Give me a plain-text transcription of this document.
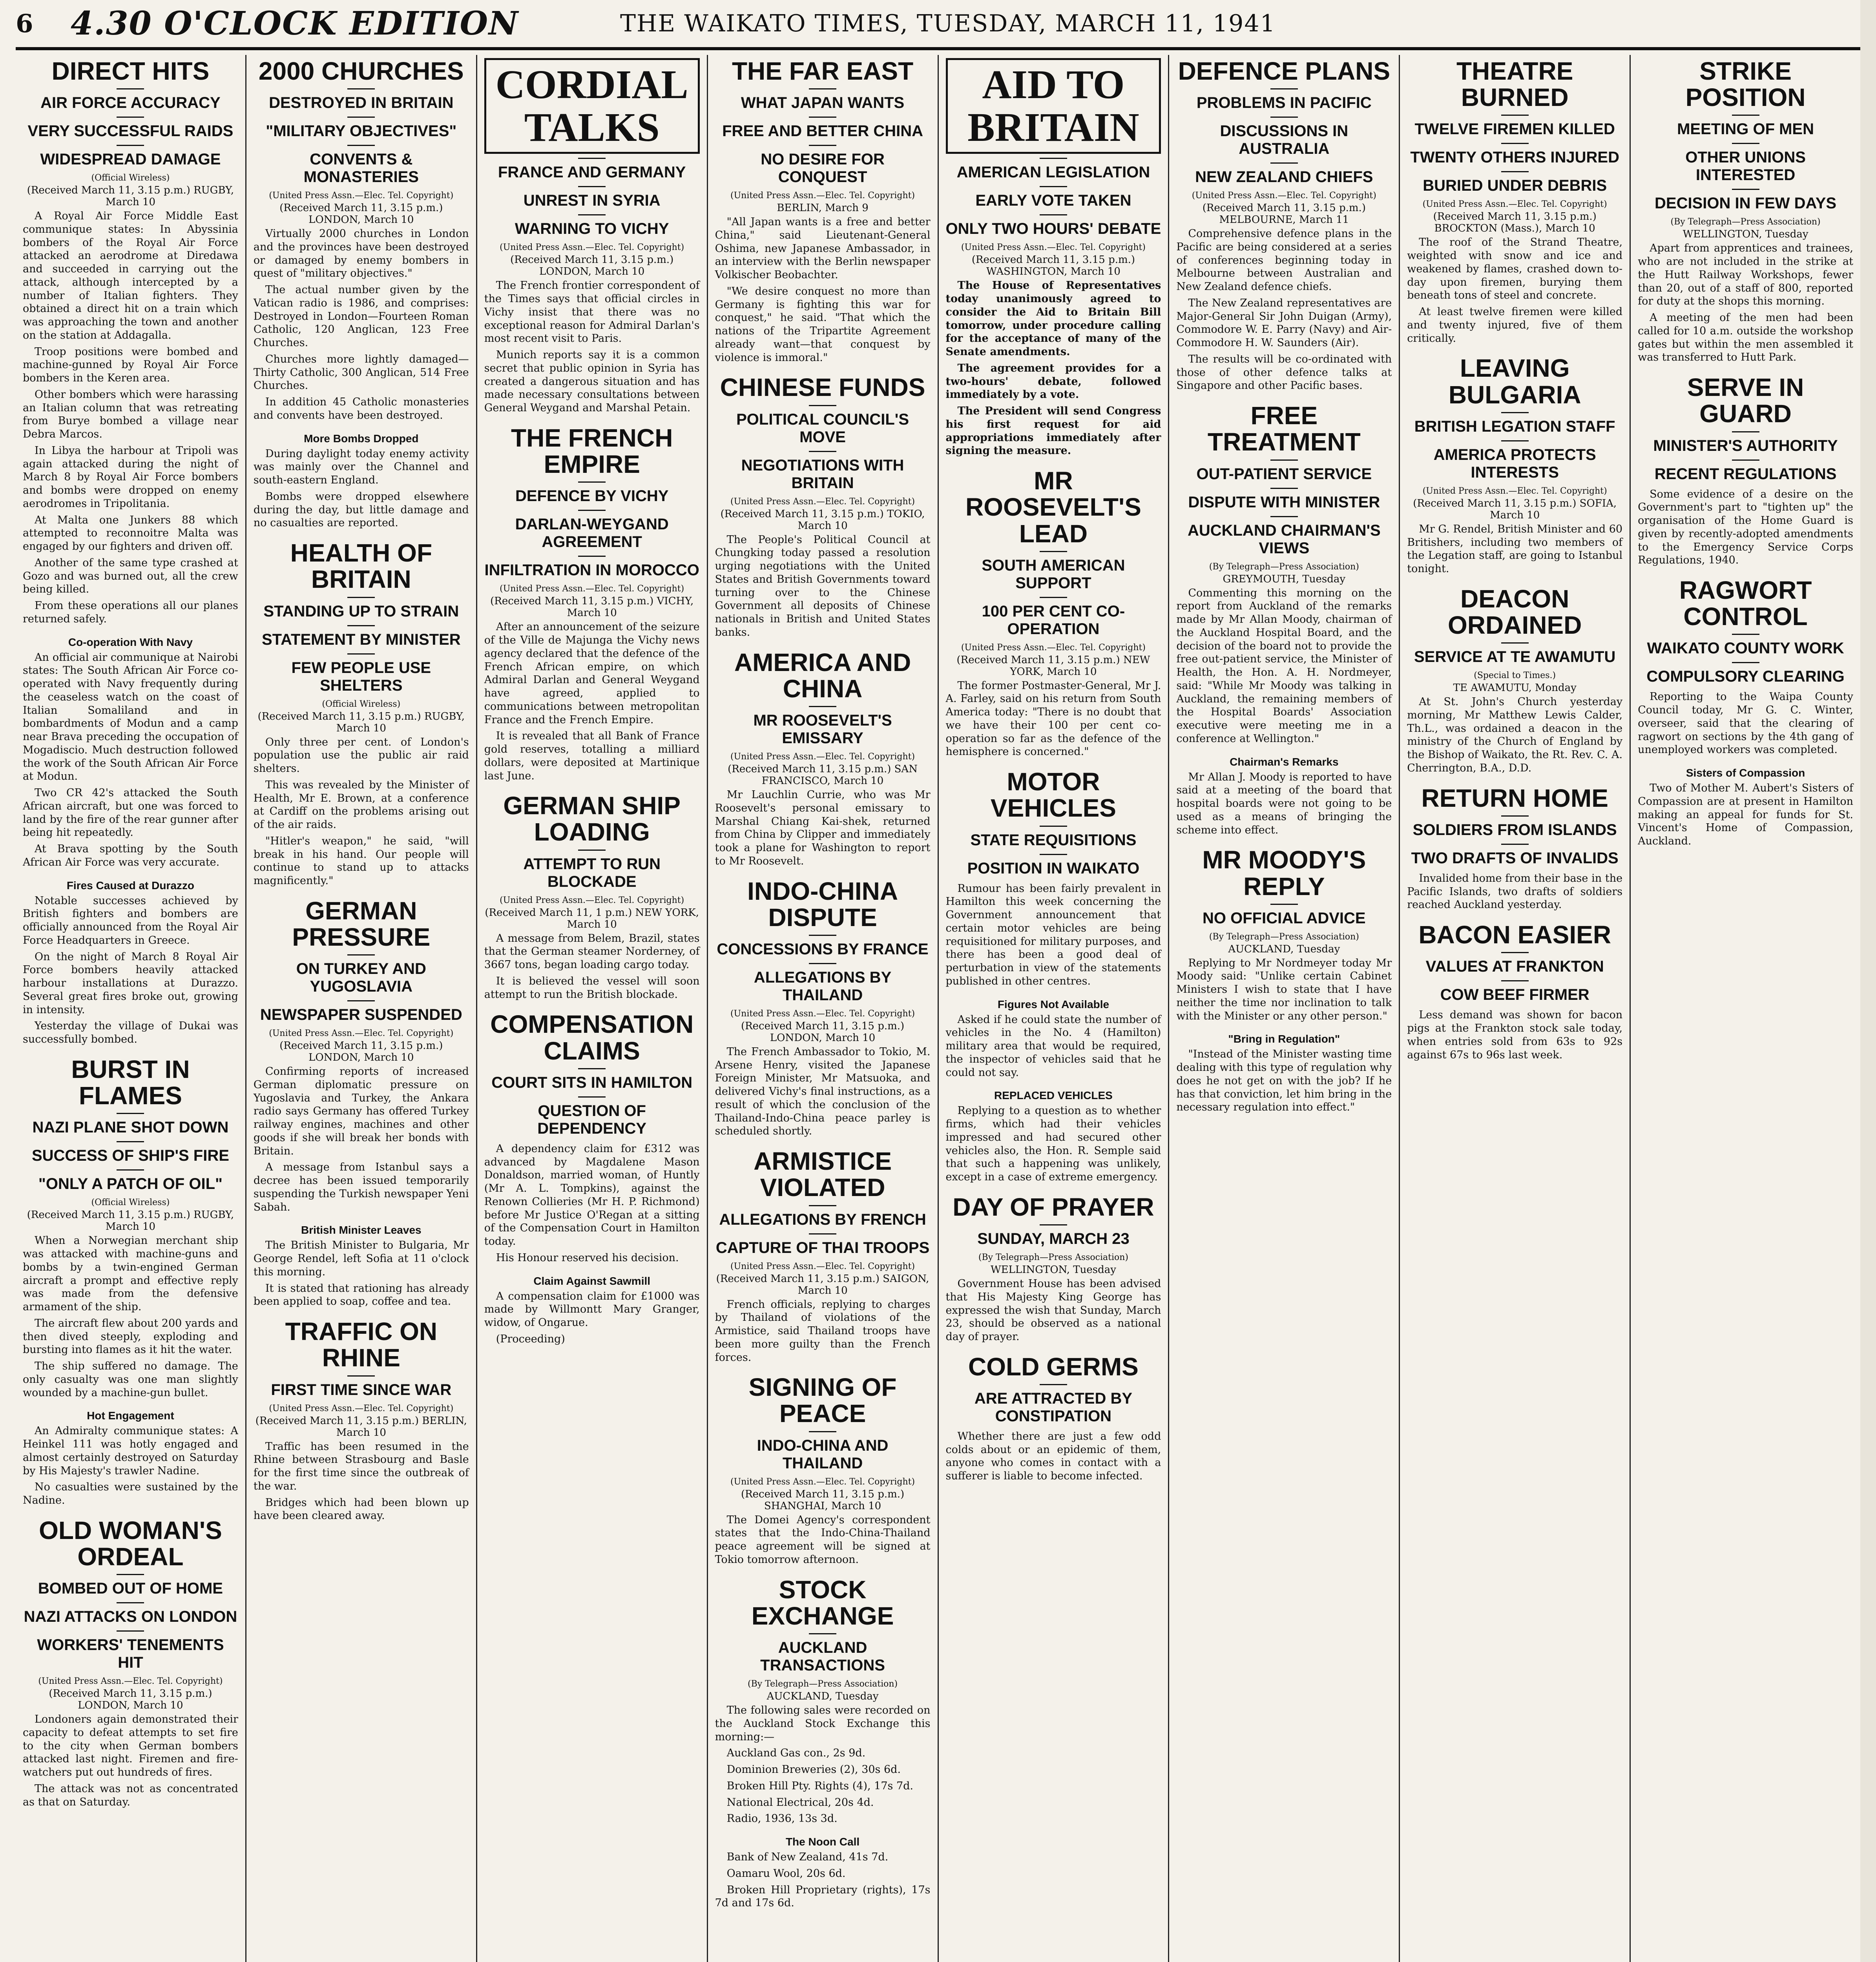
6	4.30 O'CLOCK EDITION	THE WAIKATO TIMES, TUESDAY, MARCH 11, 1941
DIRECT HITS
AIR FORCE ACCURACY
VERY SUCCESSFUL RAIDS
WIDESPREAD DAMAGE
(Official Wireless)
(Received March 11, 3.15 p.m.) RUGBY, March 10

A Royal Air Force Middle East communique states: In Abyssinia bombers of the Royal Air Force attacked an aerodrome at Diredawa and succeeded in carrying out the attack, although intercepted by a number of Italian fighters. They obtained a direct hit on a train which was approaching the town and another on the station at Addagalla.

Troop positions were bombed and machine-gunned by Royal Air Force bombers in the Keren area.

Other bombers which were harassing an Italian column that was retreating from Burye bombed a village near Debra Marcos.

In Libya the harbour at Tripoli was again attacked during the night of March 8 by Royal Air Force bombers and bombs were dropped on enemy aerodromes in Tripolitania.

At Malta one Junkers 88 which attempted to reconnoitre Malta was engaged by our fighters and driven off.

Another of the same type crashed at Gozo and was burned out, all the crew being killed.

From these operations all our planes returned safely.

Co-operation With Navy

An official air communique at Nairobi states: The South African Air Force co-operated with Navy frequently during the ceaseless watch on the coast of Italian Somaliland and in bombardments of Modun and a camp near Brava preceding the occupation of Mogadiscio. Much destruction followed the work of the South African Air Force at Modun.

Two CR 42's attacked the South African aircraft, but one was forced to land by the fire of the rear gunner after being hit repeatedly.

At Brava spotting by the South African Air Force was very accurate.

Fires Caused at Durazzo

Notable successes achieved by British fighters and bombers are officially announced from the Royal Air Force Headquarters in Greece.

On the night of March 8 Royal Air Force bombers heavily attacked harbour installations at Durazzo. Several great fires broke out, growing in intensity.

Yesterday the village of Dukai was successfully bombed.

BURST IN FLAMES
NAZI PLANE SHOT DOWN
SUCCESS OF SHIP'S FIRE
"ONLY A PATCH OF OIL"
(Official Wireless)
(Received March 11, 3.15 p.m.) RUGBY, March 10

When a Norwegian merchant ship was attacked with machine-guns and bombs by a twin-engined German aircraft a prompt and effective reply was made from the defensive armament of the ship.

The aircraft flew about 200 yards and then dived steeply, exploding and bursting into flames as it hit the water.

The ship suffered no damage. The only casualty was one man slightly wounded by a machine-gun bullet.

Hot Engagement

An Admiralty communique states: A Heinkel 111 was hotly engaged and almost certainly destroyed on Saturday by His Majesty's trawler Nadine.

No casualties were sustained by the Nadine.

OLD WOMAN'S ORDEAL
BOMBED OUT OF HOME
NAZI ATTACKS ON LONDON
WORKERS' TENEMENTS HIT
(United Press Assn.—Elec. Tel. Copyright)
(Received March 11, 3.15 p.m.) LONDON, March 10

Londoners again demonstrated their capacity to defeat attempts to set fire to the city when German bombers attacked last night. Firemen and fire-watchers put out hundreds of fires.

The attack was not as concentrated as that on Saturday.

2000 CHURCHES
DESTROYED IN BRITAIN
"MILITARY OBJECTIVES"
CONVENTS & MONASTERIES
(United Press Assn.—Elec. Tel. Copyright)
(Received March 11, 3.15 p.m.) LONDON, March 10

Virtually 2000 churches in London and the provinces have been destroyed or damaged by enemy bombers in quest of "military objectives."

The actual number given by the Vatican radio is 1986, and comprises: Destroyed in London—Fourteen Roman Catholic, 120 Anglican, 123 Free Churches.

Churches more lightly damaged—Thirty Catholic, 300 Anglican, 514 Free Churches.

In addition 45 Catholic monasteries and convents have been destroyed.

More Bombs Dropped

During daylight today enemy activity was mainly over the Channel and south-eastern England.

Bombs were dropped elsewhere during the day, but little damage and no casualties are reported.

HEALTH OF BRITAIN
STANDING UP TO STRAIN
STATEMENT BY MINISTER
FEW PEOPLE USE SHELTERS
(Official Wireless)
(Received March 11, 3.15 p.m.) RUGBY, March 10

Only three per cent. of London's population use the public air raid shelters.

This was revealed by the Minister of Health, Mr E. Brown, at a conference at Cardiff on the problems arising out of the air raids.

"Hitler's weapon," he said, "will break in his hand. Our people will continue to stand up to attacks magnificently."

GERMAN PRESSURE
ON TURKEY AND YUGOSLAVIA
NEWSPAPER SUSPENDED
(United Press Assn.—Elec. Tel. Copyright)
(Received March 11, 3.15 p.m.) LONDON, March 10

Confirming reports of increased German diplomatic pressure on Yugoslavia and Turkey, the Ankara radio says Germany has offered Turkey railway engines, machines and other goods if she will break her bonds with Britain.

A message from Istanbul says a decree has been issued temporarily suspending the Turkish newspaper Yeni Sabah.

British Minister Leaves

The British Minister to Bulgaria, Mr George Rendel, left Sofia at 11 o'clock this morning.

It is stated that rationing has already been applied to soap, coffee and tea.

TRAFFIC ON RHINE
FIRST TIME SINCE WAR
(United Press Assn.—Elec. Tel. Copyright)
(Received March 11, 3.15 p.m.) BERLIN, March 10

Traffic has been resumed in the Rhine between Strasbourg and Basle for the first time since the outbreak of the war.

Bridges which had been blown up have been cleared away.

CORDIAL TALKS
FRANCE AND GERMANY
UNREST IN SYRIA
WARNING TO VICHY
(United Press Assn.—Elec. Tel. Copyright)
(Received March 11, 3.15 p.m.) LONDON, March 10

The French frontier correspondent of the Times says that official circles in Vichy insist that there was no exceptional reason for Admiral Darlan's most recent visit to Paris.

Munich reports say it is a common secret that public opinion in Syria has created a dangerous situation and has made necessary consultations between General Weygand and Marshal Petain.

THE FRENCH EMPIRE
DEFENCE BY VICHY
DARLAN-WEYGAND AGREEMENT
INFILTRATION IN MOROCCO
(United Press Assn.—Elec. Tel. Copyright)
(Received March 11, 3.15 p.m.) VICHY, March 10

After an announcement of the seizure of the Ville de Majunga the Vichy news agency declared that the defence of the French African empire, on which Admiral Darlan and General Weygand have agreed, applied to communications between metropolitan France and the French Empire.

It is revealed that all Bank of France gold reserves, totalling a milliard dollars, were deposited at Martinique last June.

GERMAN SHIP LOADING
ATTEMPT TO RUN BLOCKADE
(United Press Assn.—Elec. Tel. Copyright)
(Received March 11, 1 p.m.) NEW YORK, March 10

A message from Belem, Brazil, states that the German steamer Norderney, of 3667 tons, began loading cargo today.

It is believed the vessel will soon attempt to run the British blockade.

COMPENSATION CLAIMS
COURT SITS IN HAMILTON
QUESTION OF DEPENDENCY

A dependency claim for £312 was advanced by Magdalene Mason Donaldson, married woman, of Huntly (Mr A. L. Tompkins), against the Renown Collieries (Mr H. P. Richmond) before Mr Justice O'Regan at a sitting of the Compensation Court in Hamilton today.

His Honour reserved his decision.

Claim Against Sawmill

A compensation claim for £1000 was made by Willmontt Mary Granger, widow, of Ongarue.

(Proceeding)

THE FAR EAST
WHAT JAPAN WANTS
FREE AND BETTER CHINA
NO DESIRE FOR CONQUEST
(United Press Assn.—Elec. Tel. Copyright)
BERLIN, March 9

"All Japan wants is a free and better China," said Lieutenant-General Oshima, new Japanese Ambassador, in an interview with the Berlin newspaper Volkischer Beobachter.

"We desire conquest no more than Germany is fighting this war for conquest," he said. "That which the nations of the Tripartite Agreement already want—that conquest by violence is immoral."

CHINESE FUNDS
POLITICAL COUNCIL'S MOVE
NEGOTIATIONS WITH BRITAIN
(United Press Assn.—Elec. Tel. Copyright)
(Received March 11, 3.15 p.m.) TOKIO, March 10

The People's Political Council at Chungking today passed a resolution urging negotiations with the United States and British Governments toward turning over to the Chinese Government all deposits of Chinese nationals in British and United States banks.

AMERICA AND CHINA
MR ROOSEVELT'S EMISSARY
(United Press Assn.—Elec. Tel. Copyright)
(Received March 11, 3.15 p.m.) SAN FRANCISCO, March 10

Mr Lauchlin Currie, who was Mr Roosevelt's personal emissary to Marshal Chiang Kai-shek, returned from China by Clipper and immediately took a plane for Washington to report to Mr Roosevelt.

INDO-CHINA DISPUTE
CONCESSIONS BY FRANCE
ALLEGATIONS BY THAILAND
(United Press Assn.—Elec. Tel. Copyright)
(Received March 11, 3.15 p.m.) LONDON, March 10

The French Ambassador to Tokio, M. Arsene Henry, visited the Japanese Foreign Minister, Mr Matsuoka, and delivered Vichy's final instructions, as a result of which the conclusion of the Thailand-Indo-China peace parley is scheduled shortly.

ARMISTICE VIOLATED
ALLEGATIONS BY FRENCH
CAPTURE OF THAI TROOPS
(United Press Assn.—Elec. Tel. Copyright)
(Received March 11, 3.15 p.m.) SAIGON, March 10

French officials, replying to charges by Thailand of violations of the Armistice, said Thailand troops have been more guilty than the French forces.

SIGNING OF PEACE
INDO-CHINA AND THAILAND
(United Press Assn.—Elec. Tel. Copyright)
(Received March 11, 3.15 p.m.) SHANGHAI, March 10

The Domei Agency's correspondent states that the Indo-China-Thailand peace agreement will be signed at Tokio tomorrow afternoon.

STOCK EXCHANGE
AUCKLAND TRANSACTIONS
(By Telegraph—Press Association)
AUCKLAND, Tuesday

The following sales were recorded on the Auckland Stock Exchange this morning:—

Auckland Gas con., 2s 9d.

Dominion Breweries (2), 30s 6d.

Broken Hill Pty. Rights (4), 17s 7d.

National Electrical, 20s 4d.

Radio, 1936, 13s 3d.

The Noon Call

Bank of New Zealand, 41s 7d.

Oamaru Wool, 20s 6d.

Broken Hill Proprietary (rights), 17s 7d and 17s 6d.

AID TO BRITAIN
AMERICAN LEGISLATION
EARLY VOTE TAKEN
ONLY TWO HOURS' DEBATE
(United Press Assn.—Elec. Tel. Copyright)
(Received March 11, 3.15 p.m.) WASHINGTON, March 10

The House of Representatives today unanimously agreed to consider the Aid to Britain Bill tomorrow, under procedure calling for the acceptance of many of the Senate amendments.

The agreement provides for a two-hours' debate, followed immediately by a vote.

The President will send Congress his first request for aid appropriations immediately after signing the measure.

MR ROOSEVELT'S LEAD
SOUTH AMERICAN SUPPORT
100 PER CENT CO-OPERATION
(United Press Assn.—Elec. Tel. Copyright)
(Received March 11, 3.15 p.m.) NEW YORK, March 10

The former Postmaster-General, Mr J. A. Farley, said on his return from South America today: "There is no doubt that we have their 100 per cent co-operation so far as the defence of the hemisphere is concerned."

MOTOR VEHICLES
STATE REQUISITIONS
POSITION IN WAIKATO

Rumour has been fairly prevalent in Hamilton this week concerning the Government announcement that certain motor vehicles are being requisitioned for military purposes, and there has been a good deal of perturbation in view of the statements published in other centres.

Figures Not Available

Asked if he could state the number of vehicles in the No. 4 (Hamilton) military area that would be required, the inspector of vehicles said that he could not say.

REPLACED VEHICLES

Replying to a question as to whether firms, which had their vehicles impressed and had secured other vehicles also, the Hon. R. Semple said that such a happening was unlikely, except in a case of extreme emergency.

DAY OF PRAYER
SUNDAY, MARCH 23
(By Telegraph—Press Association)
WELLINGTON, Tuesday

Government House has been advised that His Majesty King George has expressed the wish that Sunday, March 23, should be observed as a national day of prayer.

COLD GERMS
ARE ATTRACTED BY CONSTIPATION

Whether there are just a few odd colds about or an epidemic of them, anyone who comes in contact with a sufferer is liable to become infected.

DEFENCE PLANS
PROBLEMS IN PACIFIC
DISCUSSIONS IN AUSTRALIA
NEW ZEALAND CHIEFS
(United Press Assn.—Elec. Tel. Copyright)
(Received March 11, 3.15 p.m.) MELBOURNE, March 11

Comprehensive defence plans in the Pacific are being considered at a series of conferences beginning today in Melbourne between Australian and New Zealand defence chiefs.

The New Zealand representatives are Major-General Sir John Duigan (Army), Commodore W. E. Parry (Navy) and Air-Commodore H. W. Saunders (Air).

The results will be co-ordinated with those of other defence talks at Singapore and other Pacific bases.

FREE TREATMENT
OUT-PATIENT SERVICE
DISPUTE WITH MINISTER
AUCKLAND CHAIRMAN'S VIEWS
(By Telegraph—Press Association)
GREYMOUTH, Tuesday

Commenting this morning on the report from Auckland of the remarks made by Mr Allan Moody, chairman of the Auckland Hospital Board, and the decision of the board not to provide the free out-patient service, the Minister of Health, the Hon. A. H. Nordmeyer, said: "While Mr Moody was talking in Auckland, the remaining members of the Hospital Boards' Association executive were meeting me in a conference at Wellington."

Chairman's Remarks

Mr Allan J. Moody is reported to have said at a meeting of the board that hospital boards were not going to be used as a means of bringing the scheme into effect.

MR MOODY'S REPLY
NO OFFICIAL ADVICE
(By Telegraph—Press Association)
AUCKLAND, Tuesday

Replying to Mr Nordmeyer today Mr Moody said: "Unlike certain Cabinet Ministers I wish to state that I have neither the time nor inclination to talk with the Minister or any other person."

"Bring in Regulation"

"Instead of the Minister wasting time dealing with this type of regulation why does he not get on with the job? If he has that conviction, let him bring in the necessary regulation into effect."

THEATRE BURNED
TWELVE FIREMEN KILLED
TWENTY OTHERS INJURED
BURIED UNDER DEBRIS
(United Press Assn.—Elec. Tel. Copyright)
(Received March 11, 3.15 p.m.) BROCKTON (Mass.), March 10

The roof of the Strand Theatre, weighted with snow and ice and weakened by flames, crashed down to-day upon firemen, burying them beneath tons of steel and concrete.

At least twelve firemen were killed and twenty injured, five of them critically.

LEAVING BULGARIA
BRITISH LEGATION STAFF
AMERICA PROTECTS INTERESTS
(United Press Assn.—Elec. Tel. Copyright)
(Received March 11, 3.15 p.m.) SOFIA, March 10

Mr G. Rendel, British Minister and 60 Britishers, including two members of the Legation staff, are going to Istanbul tonight.

DEACON ORDAINED
SERVICE AT TE AWAMUTU
(Special to Times.)
TE AWAMUTU, Monday

At St. John's Church yesterday morning, Mr Matthew Lewis Calder, Th.L., was ordained a deacon in the ministry of the Church of England by the Bishop of Waikato, the Rt. Rev. C. A. Cherrington, B.A., D.D.

RETURN HOME
SOLDIERS FROM ISLANDS
TWO DRAFTS OF INVALIDS

Invalided home from their base in the Pacific Islands, two drafts of soldiers reached Auckland yesterday.

BACON EASIER
VALUES AT FRANKTON
COW BEEF FIRMER

Less demand was shown for bacon pigs at the Frankton stock sale today, when entries sold from 63s to 92s against 67s to 96s last week.

STRIKE POSITION
MEETING OF MEN
OTHER UNIONS INTERESTED
DECISION IN FEW DAYS
(By Telegraph—Press Association)
WELLINGTON, Tuesday

Apart from apprentices and trainees, who are not included in the strike at the Hutt Railway Workshops, fewer than 20, out of a staff of 800, reported for duty at the shops this morning.

A meeting of the men had been called for 10 a.m. outside the workshop gates but within the men assembled it was transferred to Hutt Park.

SERVE IN GUARD
MINISTER'S AUTHORITY
RECENT REGULATIONS

Some evidence of a desire on the Government's part to "tighten up" the organisation of the Home Guard is given by recently-adopted amendments to the Emergency Service Corps Regulations, 1940.

RAGWORT CONTROL
WAIKATO COUNTY WORK
COMPULSORY CLEARING

Reporting to the Waipa County Council today, Mr G. C. Winter, overseer, said that the clearing of ragwort on sections by the 4th gang of unemployed workers was completed.

Sisters of Compassion

Two of Mother M. Aubert's Sisters of Compassion are at present in Hamilton making an appeal for funds for St. Vincent's Home of Compassion, Auckland.
